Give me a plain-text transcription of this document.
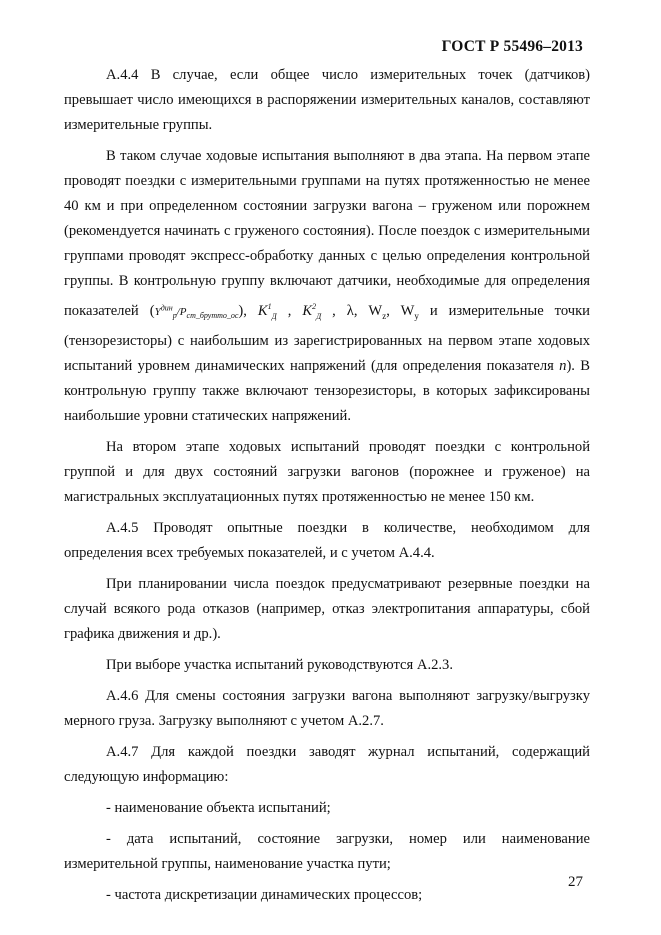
ГОСТ Р 55496–2013

А.4.4 В случае, если общее число измерительных точек (датчиков) превышает число имеющихся в распоряжении измерительных каналов, составляют измерительные группы.

В таком случае ходовые испытания выполняют в два этапа. На первом этапе проводят поездки с измерительными группами на путях протяженностью не менее 40 км и при определенном состоянии загрузки вагона – груженом или порожнем (рекомендуется начинать с груженого состояния). После поездок с измерительными группами проводят экспресс-обработку данных с целью определения контрольной группы. В контрольную группу включают датчики, необходимые для определения показателей $(Y^{дин}_p/P_{ст\_брутто\_ос})$, $K^1_Д$ , $K^2_Д$ , λ, $W_z$, $W_y$ и измерительные точки (тензорезисторы) с наибольшим из зарегистрированных на первом этапе ходовых испытаний уровнем динамических напряжений (для определения показателя n). В контрольную группу также включают тензорезисторы, в которых зафиксированы наибольшие уровни статических напряжений.

На втором этапе ходовых испытаний проводят поездки с контрольной группой и для двух состояний загрузки вагонов (порожнее и груженое) на магистральных эксплуатационных путях протяженностью не менее 150 км.

А.4.5 Проводят опытные поездки в количестве, необходимом для определения всех требуемых показателей, и с учетом А.4.4.

При планировании числа поездок предусматривают резервные поездки на случай всякого рода отказов (например, отказ электропитания аппаратуры, сбой графика движения и др.).

При выборе участка испытаний руководствуются А.2.3.

А.4.6 Для смены состояния загрузки вагона выполняют загрузку/выгрузку мерного груза. Загрузку выполняют с учетом А.2.7.

А.4.7 Для каждой поездки заводят журнал испытаний, содержащий следующую информацию:

- наименование объекта испытаний;

- дата испытаний, состояние загрузки, номер или наименование измерительной группы, наименование участка пути;

- частота дискретизации динамических процессов;

27
